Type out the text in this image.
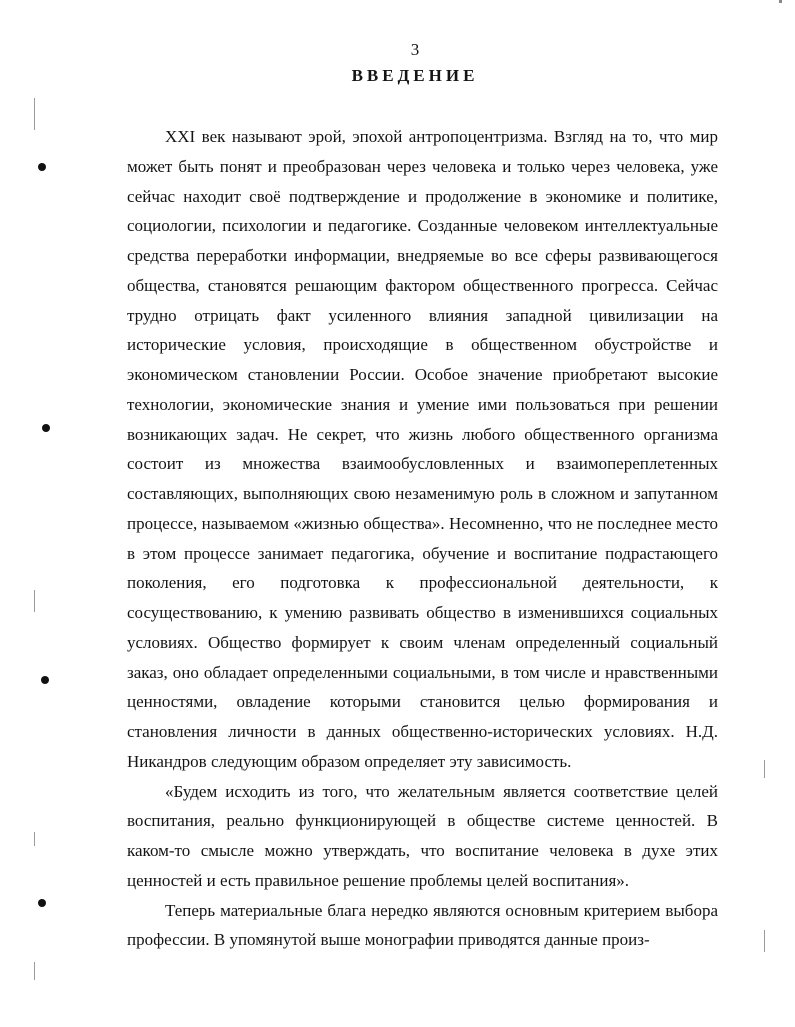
3
ВВЕДЕНИЕ

XXI век называют эрой, эпохой антропоцентризма. Взгляд на то, что мир может быть понят и преобразован через человека и только через человека, уже сейчас находит своё подтверждение и продолжение в экономике и политике, социологии, психологии и педагогике. Созданные человеком интеллектуальные средства переработки информации, внедряемые во все сферы развивающегося общества, становятся решающим фактором общественного прогресса. Сейчас трудно отрицать факт усиленного влияния западной цивилизации на исторические условия, происходящие в общественном обустройстве и экономическом становлении России. Особое значение приобретают высокие технологии, экономические знания и умение ими пользоваться при решении возникающих задач. Не секрет, что жизнь любого общественного организма состоит из множества взаимообусловленных и взаимопереплетенных составляющих, выполняющих свою незаменимую роль в сложном и запутанном процессе, называемом «жизнью общества». Несомненно, что не последнее место в этом процессе занимает педагогика, обучение и воспитание подрастающего поколения, его подготовка к профессиональной деятельности, к сосуществованию, к умению развивать общество в изменившихся социальных условиях. Общество формирует к своим членам определенный социальный заказ, оно обладает определенными социальными, в том числе и нравственными ценностями, овладение которыми становится целью формирования и становления личности в данных общественно-исторических условиях. Н.Д. Никандров следующим образом определяет эту зависимость.

«Будем исходить из того, что желательным является соответствие целей воспитания, реально функционирующей в обществе системе ценностей. В каком-то смысле можно утверждать, что воспитание человека в духе этих ценностей и есть правильное решение проблемы целей воспитания».

Теперь материальные блага нередко являются основным критерием выбора профессии. В упомянутой выше монографии приводятся данные произ-
